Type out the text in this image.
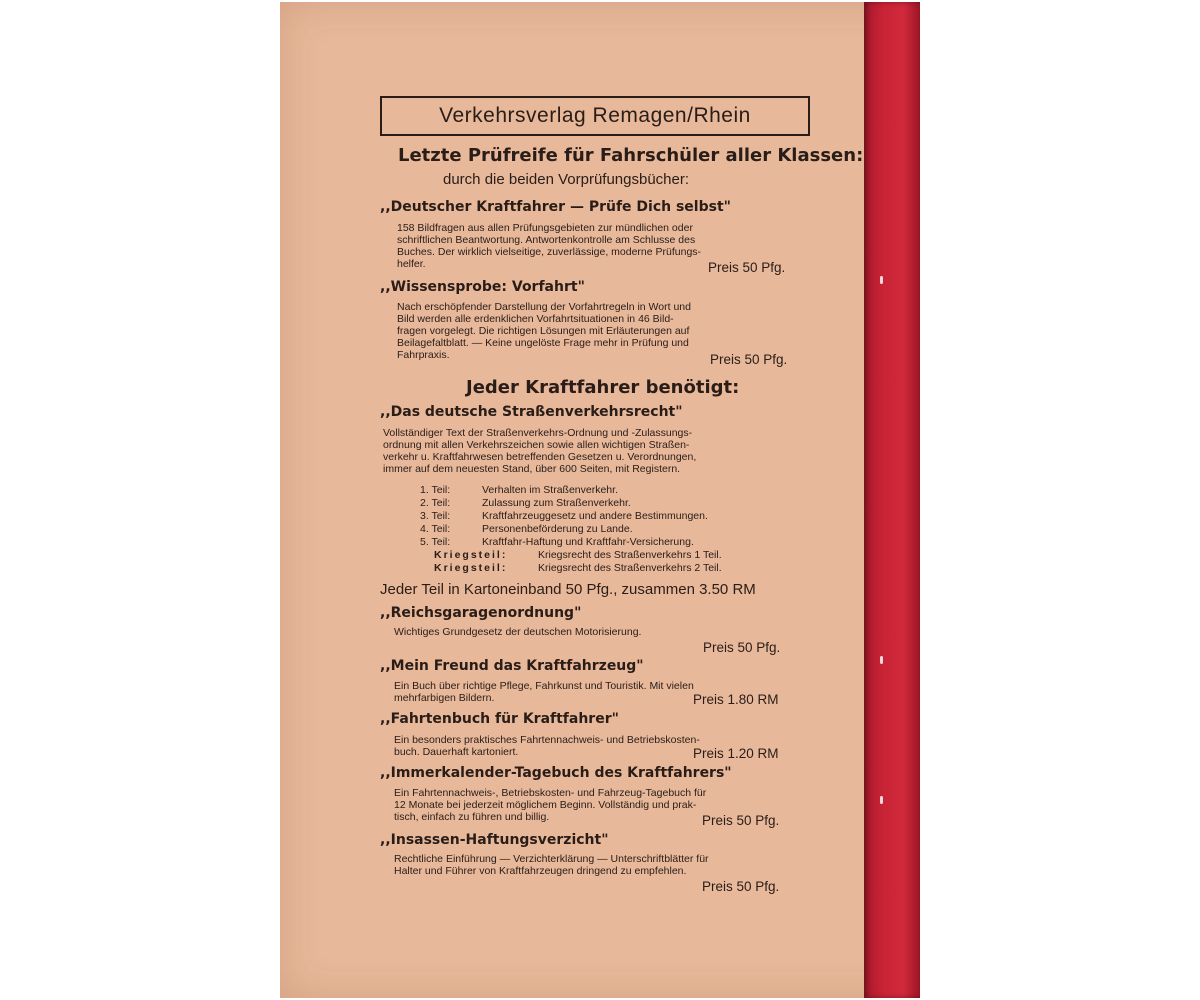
Verkehrsverlag Remagen/Rhein

Letzte Prüfreife für Fahrschüler aller Klassen:

durch die beiden Vorprüfungsbücher:

,,Deutscher Kraftfahrer — Prüfe Dich selbst"

158 Bildfragen aus allen Prüfungsgebieten zur mündlichen oder

schriftlichen Beantwortung. Antwortenkontrolle am Schlusse des

Buches. Der wirklich vielseitige, zuverlässige, moderne Prüfungs-

helfer.	Preis 50 Pfg.

,,Wissensprobe: Vorfahrt"

Nach erschöpfender Darstellung der Vorfahrtregeln in Wort und

Bild werden alle erdenklichen Vorfahrtsituationen in 46 Bild-

fragen vorgelegt. Die richtigen Lösungen mit Erläuterungen auf

Beilagefaltblatt. — Keine ungelöste Frage mehr in Prüfung und

Fahrpraxis.	Preis 50 Pfg.

Jeder Kraftfahrer benötigt:

,,Das deutsche Straßenverkehrsrecht"

Vollständiger Text der Straßenverkehrs-Ordnung und -Zulassungs-

ordnung mit allen Verkehrszeichen sowie allen wichtigen Straßen-

verkehr u. Kraftfahrwesen betreffenden Gesetzen u. Verordnungen,

immer auf dem neuesten Stand, über 600 Seiten, mit Registern.

1. Teil:	Verhalten im Straßenverkehr.

2. Teil:	Zulassung zum Straßenverkehr.

3. Teil:	Kraftfahrzeuggesetz und andere Bestimmungen.

4. Teil:	Personenbeförderung zu Lande.

5. Teil:	Kraftfahr-Haftung und Kraftfahr-Versicherung.

Kriegsteil:	Kriegsrecht des Straßenverkehrs 1 Teil.

Kriegsteil:	Kriegsrecht des Straßenverkehrs 2 Teil.

Jeder Teil in Kartoneinband 50 Pfg., zusammen 3.50 RM

,,Reichsgaragenordnung"

Wichtiges Grundgesetz der deutschen Motorisierung.

Preis 50 Pfg.

,,Mein Freund das Kraftfahrzeug"

Ein Buch über richtige Pflege, Fahrkunst und Touristik. Mit vielen

mehrfarbigen Bildern.	Preis 1.80 RM

,,Fahrtenbuch für Kraftfahrer"

Ein besonders praktisches Fahrtennachweis- und Betriebskosten-

buch. Dauerhaft kartoniert.	Preis 1.20 RM

,,Immerkalender-Tagebuch des Kraftfahrers"

Ein Fahrtennachweis-, Betriebskosten- und Fahrzeug-Tagebuch für

12 Monate bei jederzeit möglichem Beginn. Vollständig und prak-

tisch, einfach zu führen und billig.	Preis 50 Pfg.

,,Insassen-Haftungsverzicht"

Rechtliche Einführung — Verzichterklärung — Unterschriftblätter für

Halter und Führer von Kraftfahrzeugen dringend zu empfehlen.

Preis 50 Pfg.
